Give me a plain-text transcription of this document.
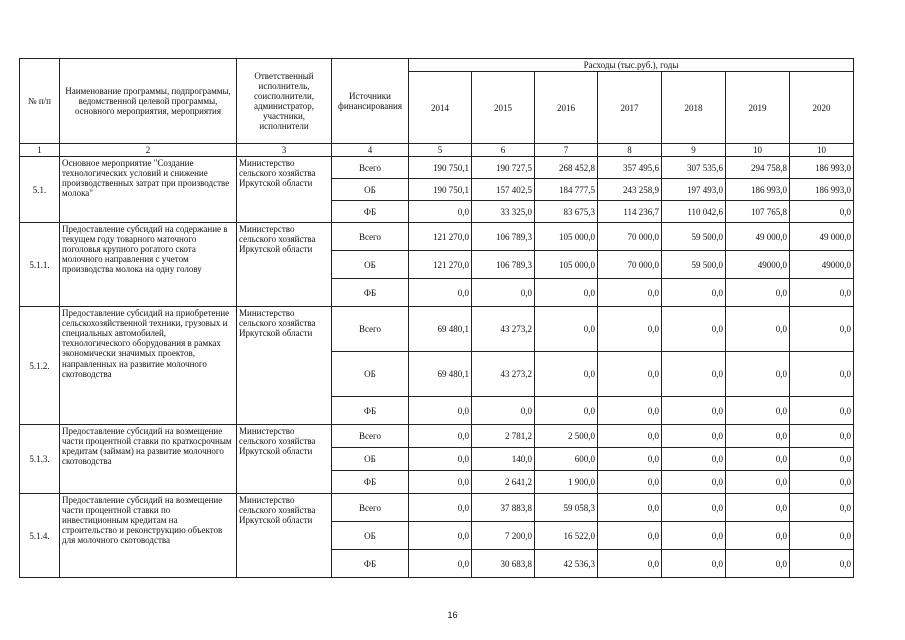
№ п/п	Наименование программы, подпрограммы, ведомственной целевой программы, основного мероприятия, мероприятия	Ответственный исполнитель, соисполнители, администратор, участники, исполнители	Источники финансирования	Расходы (тыс.руб.), годы						
				2014	2015	2016	2017	2018	2019	2020
1	2	3	4	5	6	7	8	9	10	10
5.1.	Основное мероприятие "Создание технологических условий и снижение производственных затрат при производстве молока"	Министерство сельского хозяйства Иркутской области	Всего	190 750,1	190 727,5	268 452,8	357 495,6	307 535,6	294 758,8	186 993,0
			ОБ	190 750,1	157 402,5	184 777,5	243 258,9	197 493,0	186 993,0	186 993,0
			ФБ	0,0	33 325,0	83 675,3	114 236,7	110 042,6	107 765,8	0,0
5.1.1.	Предоставление субсидий на содержание в текущем году товарного маточного поголовья крупного рогатого скота молочного направления с учетом производства молока на одну голову	Министерство сельского хозяйства Иркутской области	Всего	121 270,0	106 789,3	105 000,0	70 000,0	59 500,0	49 000,0	49 000,0
			ОБ	121 270,0	106 789,3	105 000,0	70 000,0	59 500,0	49000,0	49000,0
			ФБ	0,0	0,0	0,0	0,0	0,0	0,0	0,0
5.1.2.	Предоставление субсидий на приобретение сельскохозяйственной техники, грузовых и специальных автомобилей, технологического оборудования в рамках экономически значимых проектов, направленных на развитие молочного скотоводства	Министерство сельского хозяйства Иркутской области	Всего	69 480,1	43 273,2	0,0	0,0	0,0	0,0	0,0
			ОБ	69 480,1	43 273,2	0,0	0,0	0,0	0,0	0,0
			ФБ	0,0	0,0	0,0	0,0	0,0	0,0	0,0
5.1.3.	Предоставление субсидий на возмещение части процентной ставки по краткосрочным кредитам (займам) на развитие молочного скотоводства	Министерство сельского хозяйства Иркутской области	Всего	0,0	2 781,2	2 500,0	0,0	0,0	0,0	0,0
			ОБ	0,0	140,0	600,0	0,0	0,0	0,0	0,0
			ФБ	0,0	2 641,2	1 900,0	0,0	0,0	0,0	0,0
5.1.4.	Предоставление субсидий на возмещение части процентной ставки по инвестиционным кредитам на строительство и реконструкцию объектов для молочного скотоводства	Министерство сельского хозяйства Иркутской области	Всего	0,0	37 883,8	59 058,3	0,0	0,0	0,0	0,0
			ОБ	0,0	7 200,0	16 522,0	0,0	0,0	0,0	0,0
			ФБ	0,0	30 683,8	42 536,3	0,0	0,0	0,0	0,0
16
